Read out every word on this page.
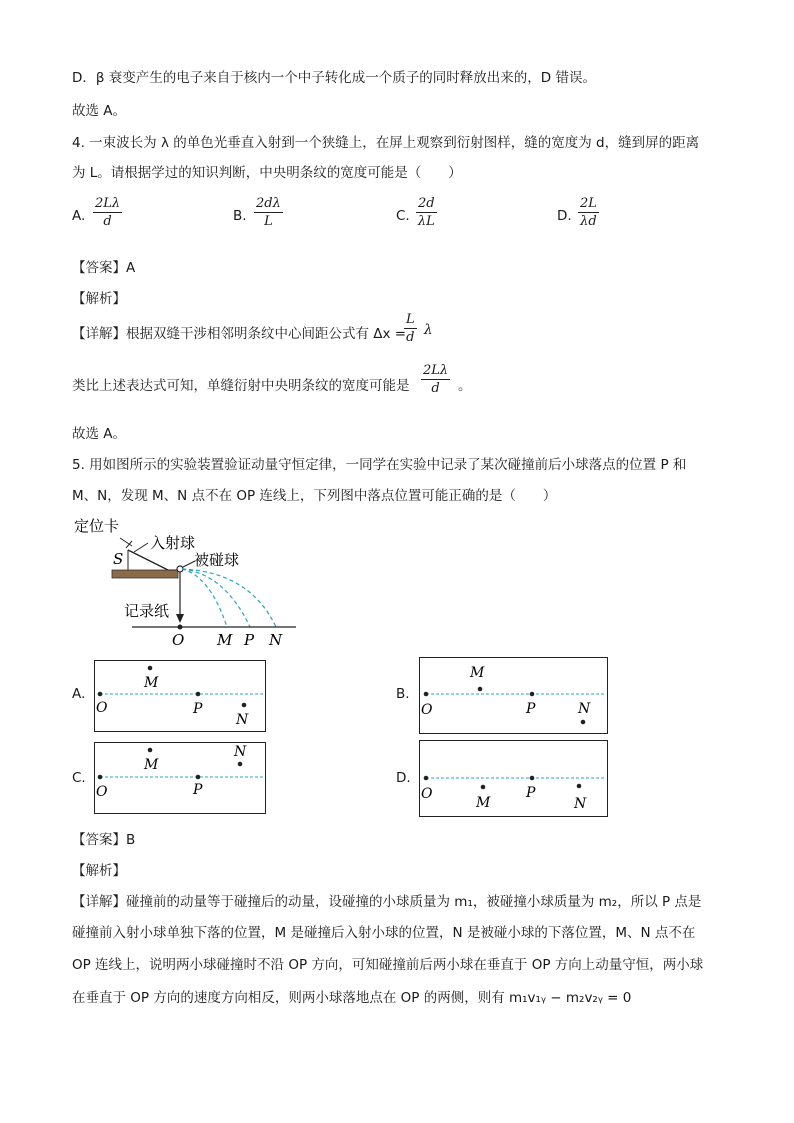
D．β 衰变产生的电子来自于核内一个中子转化成一个质子的同时释放出来的，D 错误。
故选 A。
4. 一束波长为 λ 的单色光垂直入射到一个狭缝上，在屏上观察到衍射图样，缝的宽度为 d，缝到屏的距离
为 L。请根据学过的知识判断，中央明条纹的宽度可能是（　　）
A. $\frac{2L\lambda}{d}$	B. $\frac{2d\lambda}{L}$	C. $\frac{2d}{\lambda L}$	D. $\frac{2L}{\lambda d}$
【答案】A
【解析】
【详解】根据双缝干涉相邻明条纹中心间距公式有 Δx =
$\frac{L}{d}$ λ
类比上述表达式可知，单缝衍射中央明条纹的宽度可能是 $\frac{2L\lambda}{d}$ 。
故选 A。
5. 用如图所示的实验装置验证动量守恒定律，一同学在实验中记录了某次碰撞前后小球落点的位置 P 和
M、N，发现 M、N 点不在 OP 连线上，下列图中落点位置可能正确的是（　　）
定位卡
S
入射球
被碰球
记录纸
O M P N
A.
O
M
P
N
B.
O
M
P	N
C.
O
M
P
N
D.
O
M
P
N
【答案】B
【解析】
【详解】碰撞前的动量等于碰撞后的动量，设碰撞的小球质量为 m₁，被碰撞小球质量为 m₂，所以 P 点是
碰撞前入射小球单独下落的位置，M 是碰撞后入射小球的位置，N 是被碰小球的下落位置，M、N 点不在
OP 连线上，说明两小球碰撞时不沿 OP 方向，可知碰撞前后两小球在垂直于 OP 方向上动量守恒，两小球
在垂直于 OP 方向的速度方向相反，则两小球落地点在 OP 的两侧，则有 m₁v₁ᵧ − m₂v₂ᵧ = 0
